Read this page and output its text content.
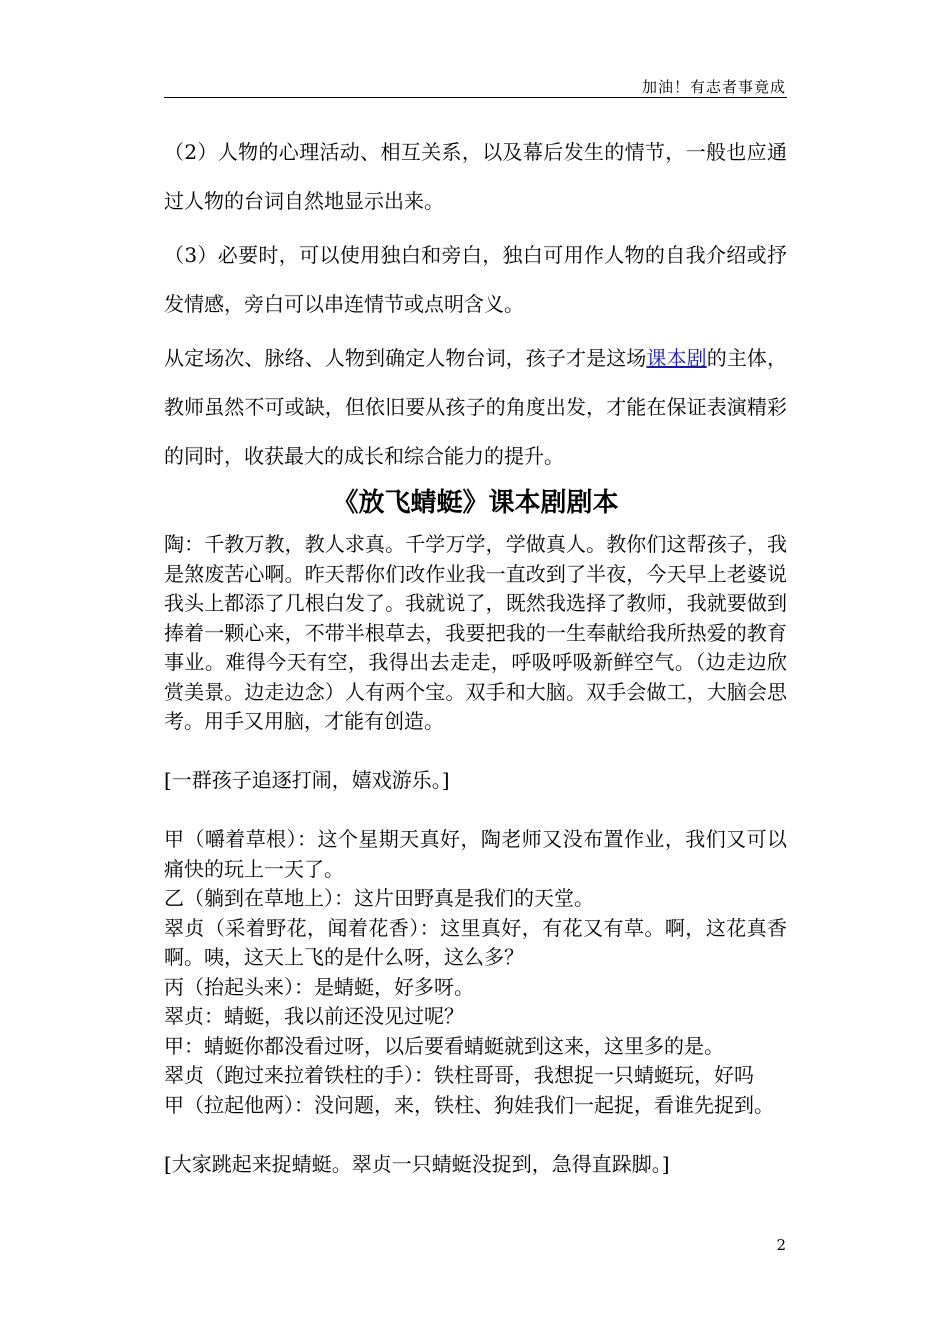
加油！有志者事竟成

（2）人物的心理活动、相互关系，以及幕后发生的情节，一般也应通过人物的台词自然地显示出来。

（3）必要时，可以使用独白和旁白，独白可用作人物的自我介绍或抒发情感，旁白可以串连情节或点明含义。

从定场次、脉络、人物到确定人物台词，孩子才是这场课本剧的主体，教师虽然不可或缺，但依旧要从孩子的角度出发，才能在保证表演精彩的同时，收获最大的成长和综合能力的提升。

《放飞蜻蜓》课本剧剧本

陶：千教万教，教人求真。千学万学，学做真人。教你们这帮孩子，我是煞废苦心啊。昨天帮你们改作业我一直改到了半夜，今天早上老婆说我头上都添了几根白发了。我就说了，既然我选择了教师，我就要做到捧着一颗心来，不带半根草去，我要把我的一生奉献给我所热爱的教育事业。难得今天有空，我得出去走走，呼吸呼吸新鲜空气。（边走边欣赏美景。边走边念）人有两个宝。双手和大脑。双手会做工，大脑会思考。用手又用脑，才能有创造。

[一群孩子追逐打闹，嬉戏游乐。]

甲（嚼着草根）：这个星期天真好，陶老师又没布置作业，我们又可以痛快的玩上一天了。

乙（躺到在草地上）：这片田野真是我们的天堂。

翠贞（采着野花，闻着花香）：这里真好，有花又有草。啊，这花真香啊。咦，这天上飞的是什么呀，这么多？

丙（抬起头来）：是蜻蜓，好多呀。

翠贞：蜻蜓，我以前还没见过呢？

甲：蜻蜓你都没看过呀，以后要看蜻蜓就到这来，这里多的是。

翠贞（跑过来拉着铁柱的手）：铁柱哥哥，我想捉一只蜻蜓玩，好吗

甲（拉起他两）：没问题，来，铁柱、狗娃我们一起捉，看谁先捉到。

[大家跳起来捉蜻蜓。翠贞一只蜻蜓没捉到，急得直跺脚。]

2
